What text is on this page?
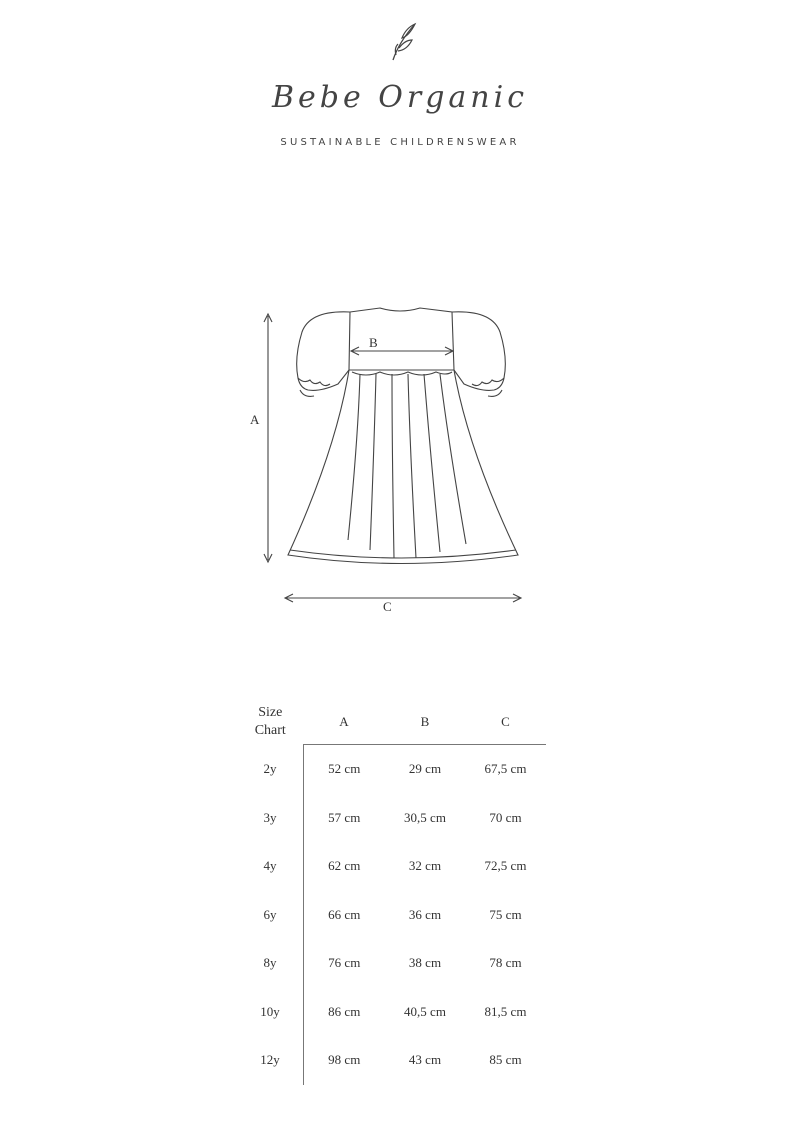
Bebe Organic
SUSTAINABLE CHILDRENSWEAR
A
B
C
Size
Chart	A	B	C
2y	52 cm	29 cm	67,5 cm
3y	57 cm	30,5 cm	70 cm
4y	62 cm	32 cm	72,5 cm
6y	66 cm	36 cm	75 cm
8y	76 cm	38 cm	78 cm
10y	86 cm	40,5 cm	81,5 cm
12y	98 cm	43 cm	85 cm
